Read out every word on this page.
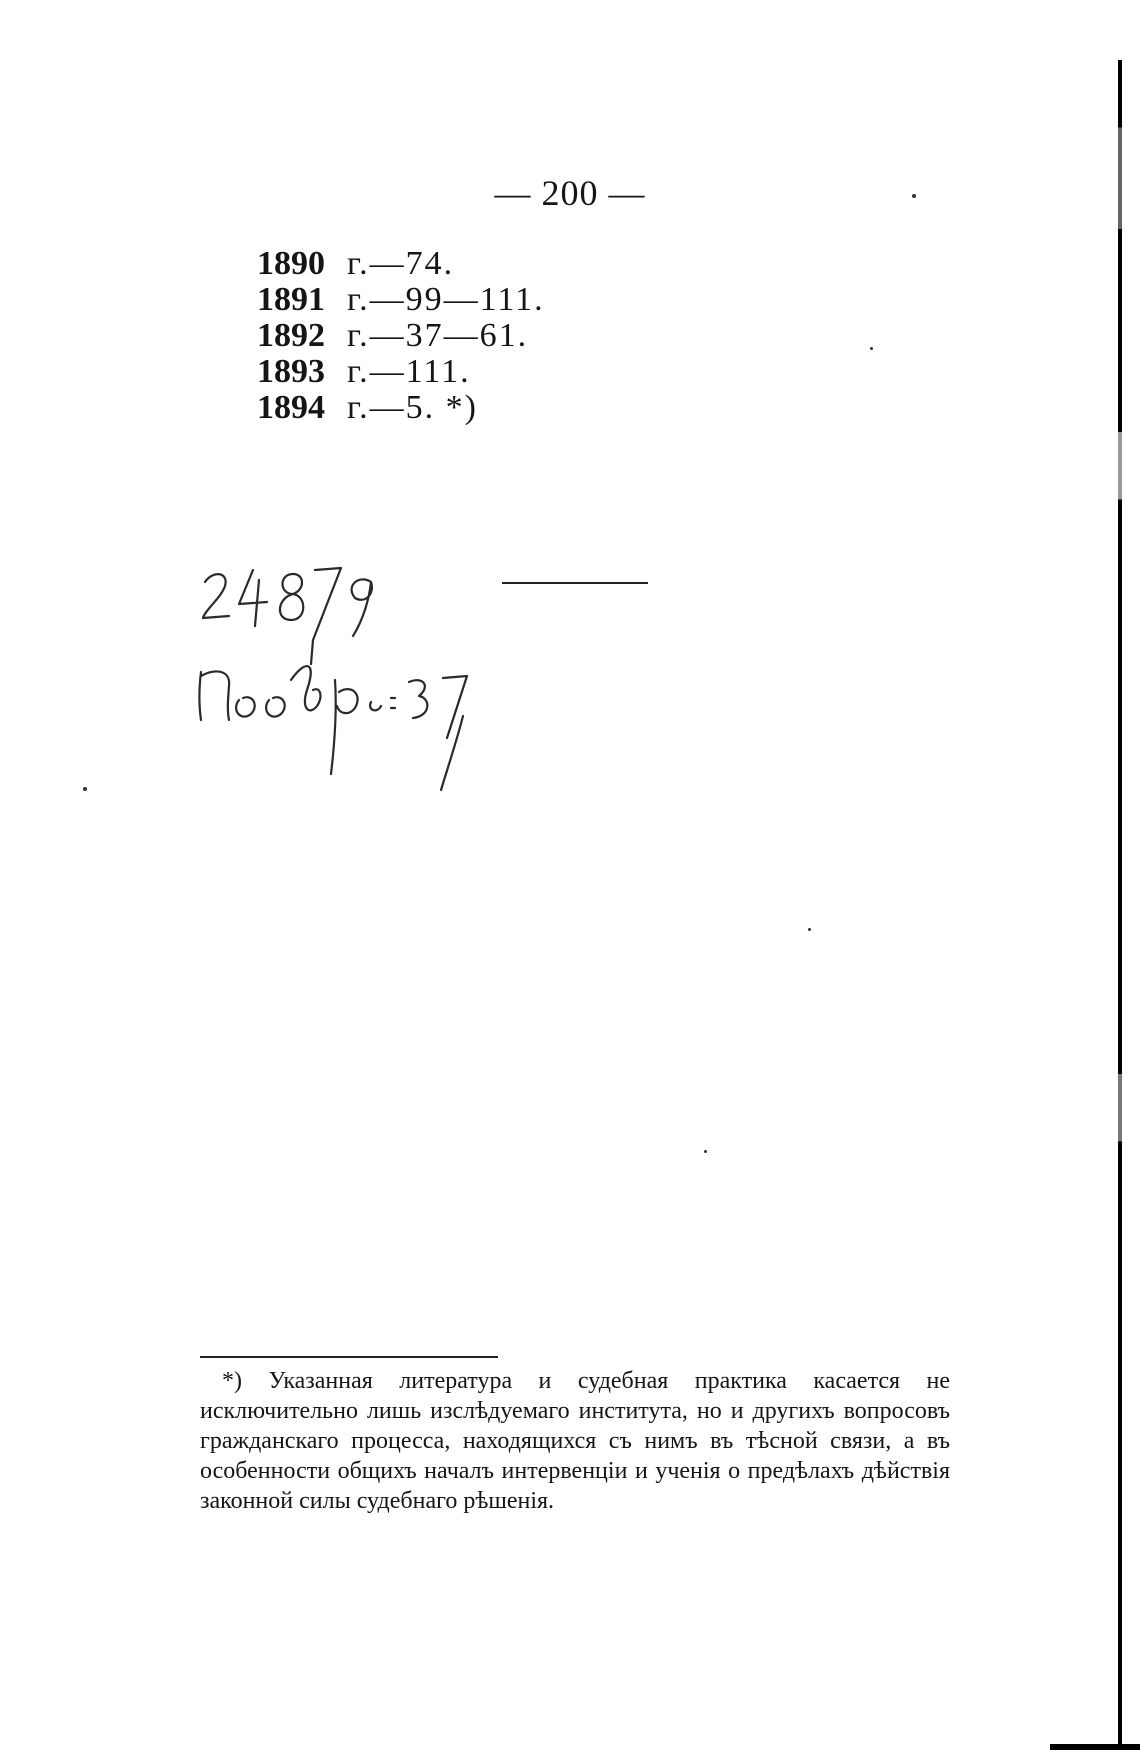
— 200 —
1890 г.—74.
1891 г.—99—111.
1892 г.—37—61.
1893 г.—111.
1894 г.—5. *)

*) Указанная литература и судебная практика касается не исключительно лишь изслѣдуемаго института, но и другихъ вопросовъ гражданскаго процесса, находящихся съ нимъ въ тѣсной связи, а въ особенности общихъ началъ интервенціи и ученія о предѣлахъ дѣйствія законной силы судебнаго рѣшенія.
